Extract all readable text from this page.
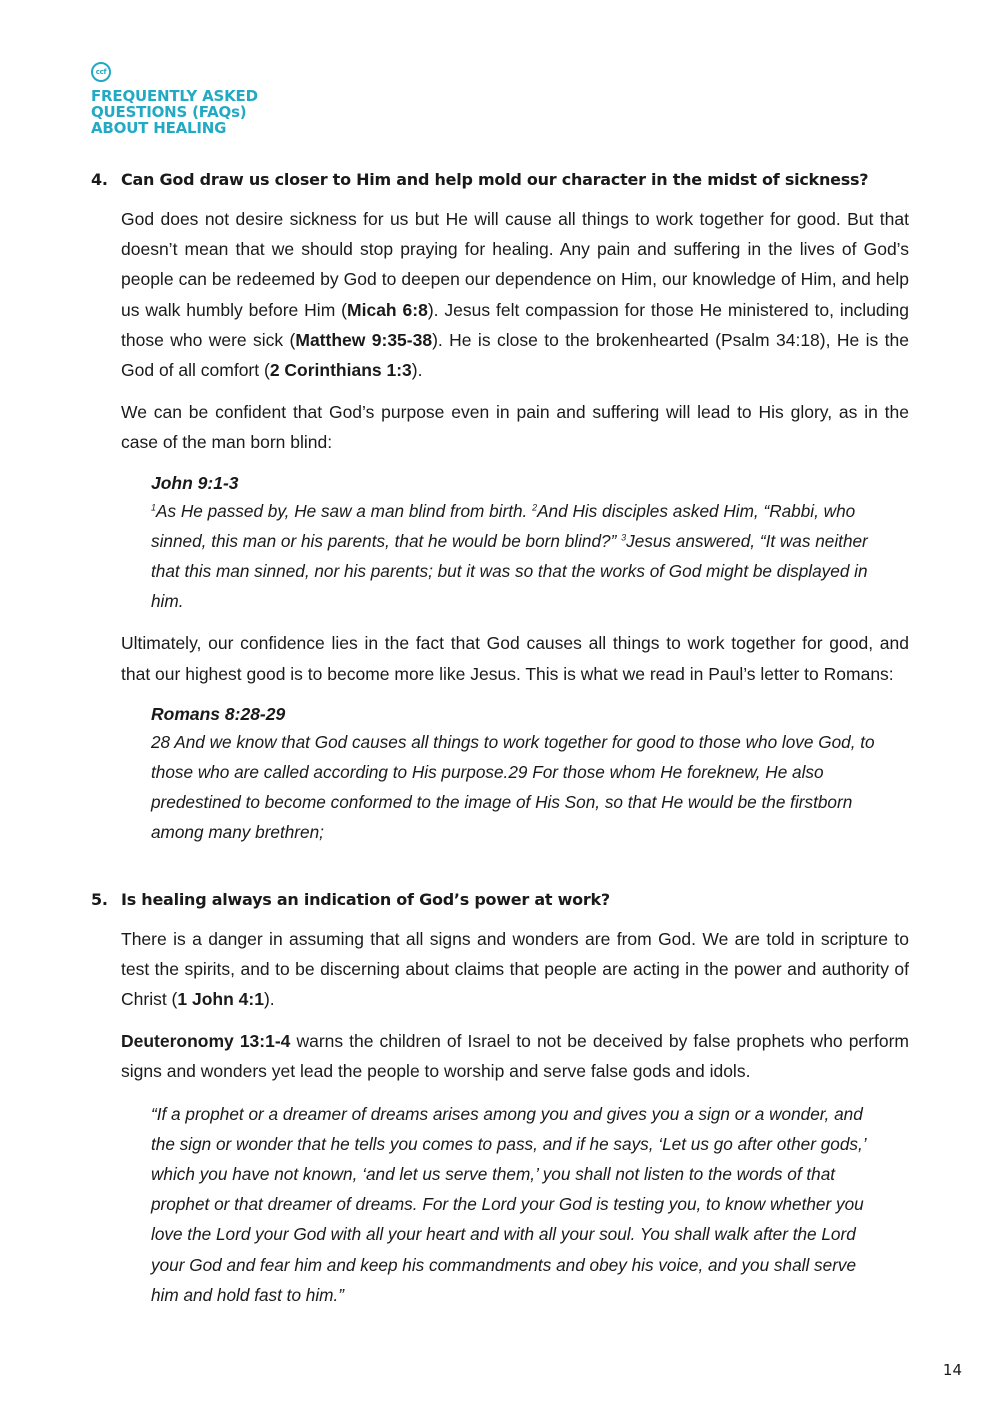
ccf
FREQUENTLY ASKED
QUESTIONS (FAQs)
ABOUT HEALING
4. Can God draw us closer to Him and help mold our character in the midst of sickness?
God does not desire sickness for us but He will cause all things to work together for good. But that doesn’t mean that we should stop praying for healing. Any pain and suffering in the lives of God’s people can be redeemed by God to deepen our dependence on Him, our knowledge of Him, and help us walk humbly before Him (Micah 6:8). Jesus felt compassion for those He ministered to, including those who were sick (Matthew 9:35-38). He is close to the brokenhearted (Psalm 34:18), He is the God of all comfort (2 Corinthians 1:3).
We can be confident that God’s purpose even in pain and suffering will lead to His glory, as in the case of the man born blind:
John 9:1-3
$^1$As He passed by, He saw a man blind from birth. $^2$And His disciples asked Him, “Rabbi, who sinned, this man or his parents, that he would be born blind?” $^3$Jesus answered, “It was neither that this man sinned, nor his parents; but it was so that the works of God might be displayed in him.
Ultimately, our confidence lies in the fact that God causes all things to work together for good, and that our highest good is to become more like Jesus. This is what we read in Paul’s letter to Romans:
Romans 8:28-29
28 And we know that God causes all things to work together for good to those who love God, to those who are called according to His purpose.29 For those whom He foreknew, He also predestined to become conformed to the image of His Son, so that He would be the firstborn among many brethren;
5. Is healing always an indication of God’s power at work?
There is a danger in assuming that all signs and wonders are from God. We are told in scripture to test the spirits, and to be discerning about claims that people are acting in the power and authority of Christ (1 John 4:1).
Deuteronomy 13:1-4 warns the children of Israel to not be deceived by false prophets who perform signs and wonders yet lead the people to worship and serve false gods and idols.
“If a prophet or a dreamer of dreams arises among you and gives you a sign or a wonder, and the sign or wonder that he tells you comes to pass, and if he says, ‘Let us go after other gods,’ which you have not known, ‘and let us serve them,’ you shall not listen to the words of that prophet or that dreamer of dreams. For the Lord your God is testing you, to know whether you love the Lord your God with all your heart and with all your soul. You shall walk after the Lord your God and fear him and keep his commandments and obey his voice, and you shall serve him and hold fast to him.”
14
